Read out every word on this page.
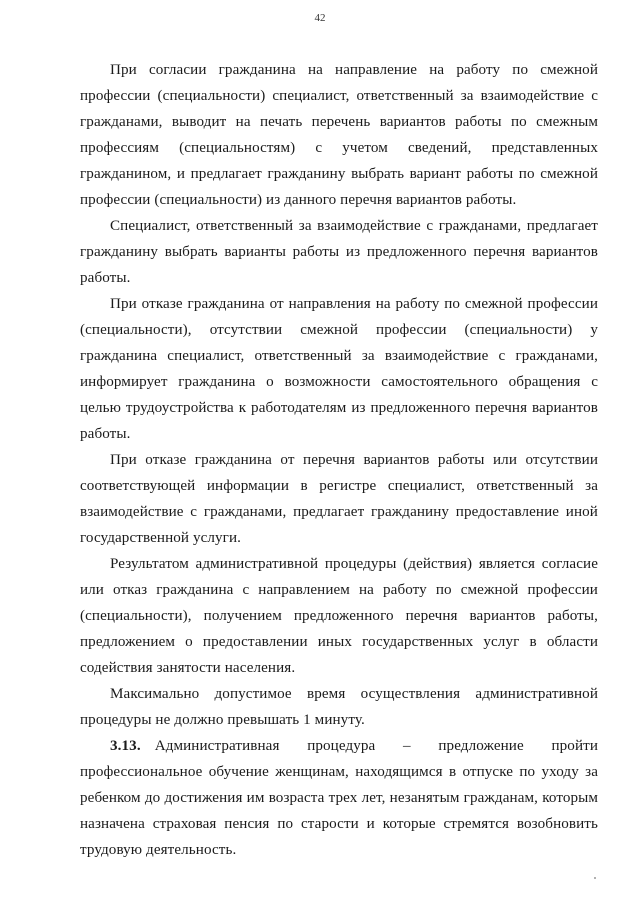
42

При согласии гражданина на направление на работу по смежной профессии (специальности) специалист, ответственный за взаимодействие с гражданами, выводит на печать перечень вариантов работы по смежным профессиям (специальностям) с учетом сведений, представленных гражданином, и предлагает гражданину выбрать вариант работы по смежной профессии (специальности) из данного перечня вариантов работы.

Специалист, ответственный за взаимодействие с гражданами, предлагает гражданину выбрать варианты работы из предложенного перечня вариантов работы.

При отказе гражданина от направления на работу по смежной профессии (специальности), отсутствии смежной профессии (специальности) у гражданина специалист, ответственный за взаимодействие с гражданами, информирует гражданина о возможности самостоятельного обращения с целью трудоустройства к работодателям из предложенного перечня вариантов работы.

При отказе гражданина от перечня вариантов работы или отсутствии соответствующей информации в регистре специалист, ответственный за взаимодействие с гражданами, предлагает гражданину предоставление иной государственной услуги.

Результатом административной процедуры (действия) является согласие или отказ гражданина с направлением на работу по смежной профессии (специальности), получением предложенного перечня вариантов работы, предложением о предоставлении иных государственных услуг в области содействия занятости населения.

Максимально допустимое время осуществления административной процедуры не должно превышать 1 минуту.

3.13. Административная процедура – предложение пройти профессиональное обучение женщинам, находящимся в отпуске по уходу за ребенком до достижения им возраста трех лет, незанятым гражданам, которым назначена страховая пенсия по старости и которые стремятся возобновить трудовую деятельность.
